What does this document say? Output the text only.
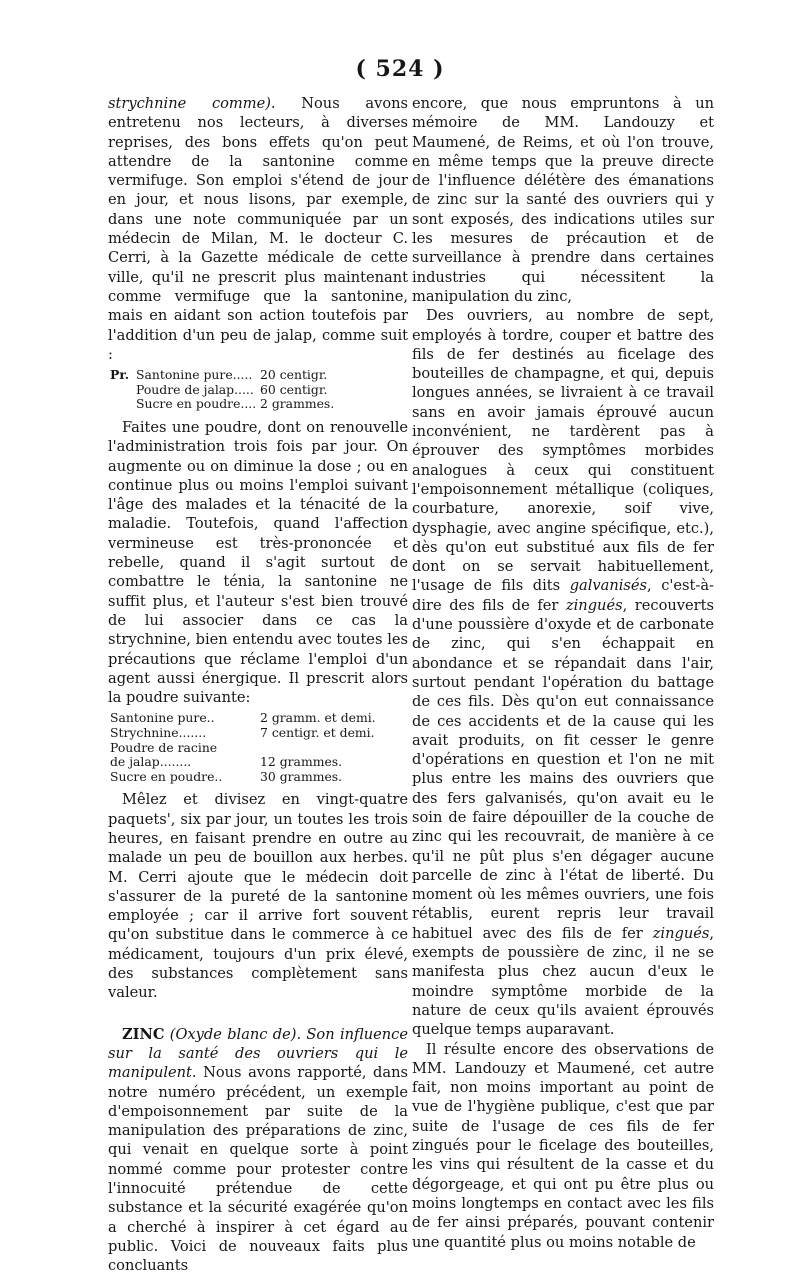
( 524 )

strychnine comme). Nous avons entretenu nos lecteurs, à diverses reprises, des bons effets qu'on peut attendre de la santonine comme vermifuge. Son emploi s'étend de jour en jour, et nous lisons, par exemple, dans une note communiquée par un médecin de Milan, M. le docteur C. Cerri, à la Gazette médicale de cette ville, qu'il ne prescrit plus maintenant comme vermifuge que la santonine, mais en aidant son action toutefois par l'addition d'un peu de jalap, comme suit :

Pr. Santonine pure..... 20 centigr.
Poudre de jalap..... 60 centigr.
Sucre en poudre.... 2 grammes.

Faites une poudre, dont on renouvelle l'administration trois fois par jour. On augmente ou on diminue la dose ; ou en continue plus ou moins l'emploi suivant l'âge des malades et la ténacité de la maladie. Toutefois, quand l'affection vermineuse est très-prononcée et rebelle, quand il s'agit surtout de combattre le ténia, la santonine ne suffit plus, et l'auteur s'est bien trouvé de lui associer dans ce cas la strychnine, bien entendu avec toutes les précautions que réclame l'emploi d'un agent aussi énergique. Il prescrit alors la poudre suivante:

Santonine pure..	2 gramm. et demi.
Strychnine.......	7 centigr. et demi.
Poudre de racine
de jalap........	12 grammes.
Sucre en poudre..	30 grammes.

Mêlez et divisez en vingt-quatre paquets', six par jour, un toutes les trois heures, en faisant prendre en outre au malade un peu de bouillon aux herbes. M. Cerri ajoute que le médecin doit s'assurer de la pureté de la santonine employée ; car il arrive fort souvent qu'on substitue dans le commerce à ce médicament, toujours d'un prix élevé, des substances complètement sans valeur.

ZINC (Oxyde blanc de). Son influence sur la santé des ouvriers qui le manipulent. Nous avons rapporté, dans notre numéro précédent, un exemple d'empoisonnement par suite de la manipulation des préparations de zinc, qui venait en quelque sorte à point nommé comme pour protester contre l'innocuité prétendue de cette substance et la sécurité exagérée qu'on a cherché à inspirer à cet égard au public. Voici de nouveaux faits plus concluants

encore, que nous empruntons à un mémoire de MM. Landouzy et Maumené, de Reims, et où l'on trouve, en même temps que la preuve directe de l'influence délétère des émanations de zinc sur la santé des ouvriers qui y sont exposés, des indications utiles sur les mesures de précaution et de surveillance à prendre dans certaines industries qui nécessitent la manipulation du zinc,

Des ouvriers, au nombre de sept, employés à tordre, couper et battre des fils de fer destinés au ficelage des bouteilles de champagne, et qui, depuis longues années, se livraient à ce travail sans en avoir jamais éprouvé aucun inconvénient, ne tardèrent pas à éprouver des symptômes morbides analogues à ceux qui constituent l'empoisonnement métallique (coliques, courbature, anorexie, soif vive, dysphagie, avec angine spécifique, etc.), dès qu'on eut substitué aux fils de fer dont on se servait habituellement, l'usage de fils dits galvanisés, c'est-à-dire des fils de fer zingués, recouverts d'une poussière d'oxyde et de carbonate de zinc, qui s'en échappait en abondance et se répandait dans l'air, surtout pendant l'opération du battage de ces fils. Dès qu'on eut connaissance de ces accidents et de la cause qui les avait produits, on fit cesser le genre d'opérations en question et l'on ne mit plus entre les mains des ouvriers que des fers galvanisés, qu'on avait eu le soin de faire dépouiller de la couche de zinc qui les recouvrait, de manière à ce qu'il ne pût plus s'en dégager aucune parcelle de zinc à l'état de liberté. Du moment où les mêmes ouvriers, une fois rétablis, eurent repris leur travail habituel avec des fils de fer zingués, exempts de poussière de zinc, il ne se manifesta plus chez aucun d'eux le moindre symptôme morbide de la nature de ceux qu'ils avaient éprouvés quelque temps auparavant.

Il résulte encore des observations de MM. Landouzy et Maumené, cet autre fait, non moins important au point de vue de l'hygiène publique, c'est que par suite de l'usage de ces fils de fer zingués pour le ficelage des bouteilles, les vins qui résultent de la casse et du dégorgeage, et qui ont pu être plus ou moins longtemps en contact avec les fils de fer ainsi préparés, pouvant contenir une quantité plus ou moins notable de
